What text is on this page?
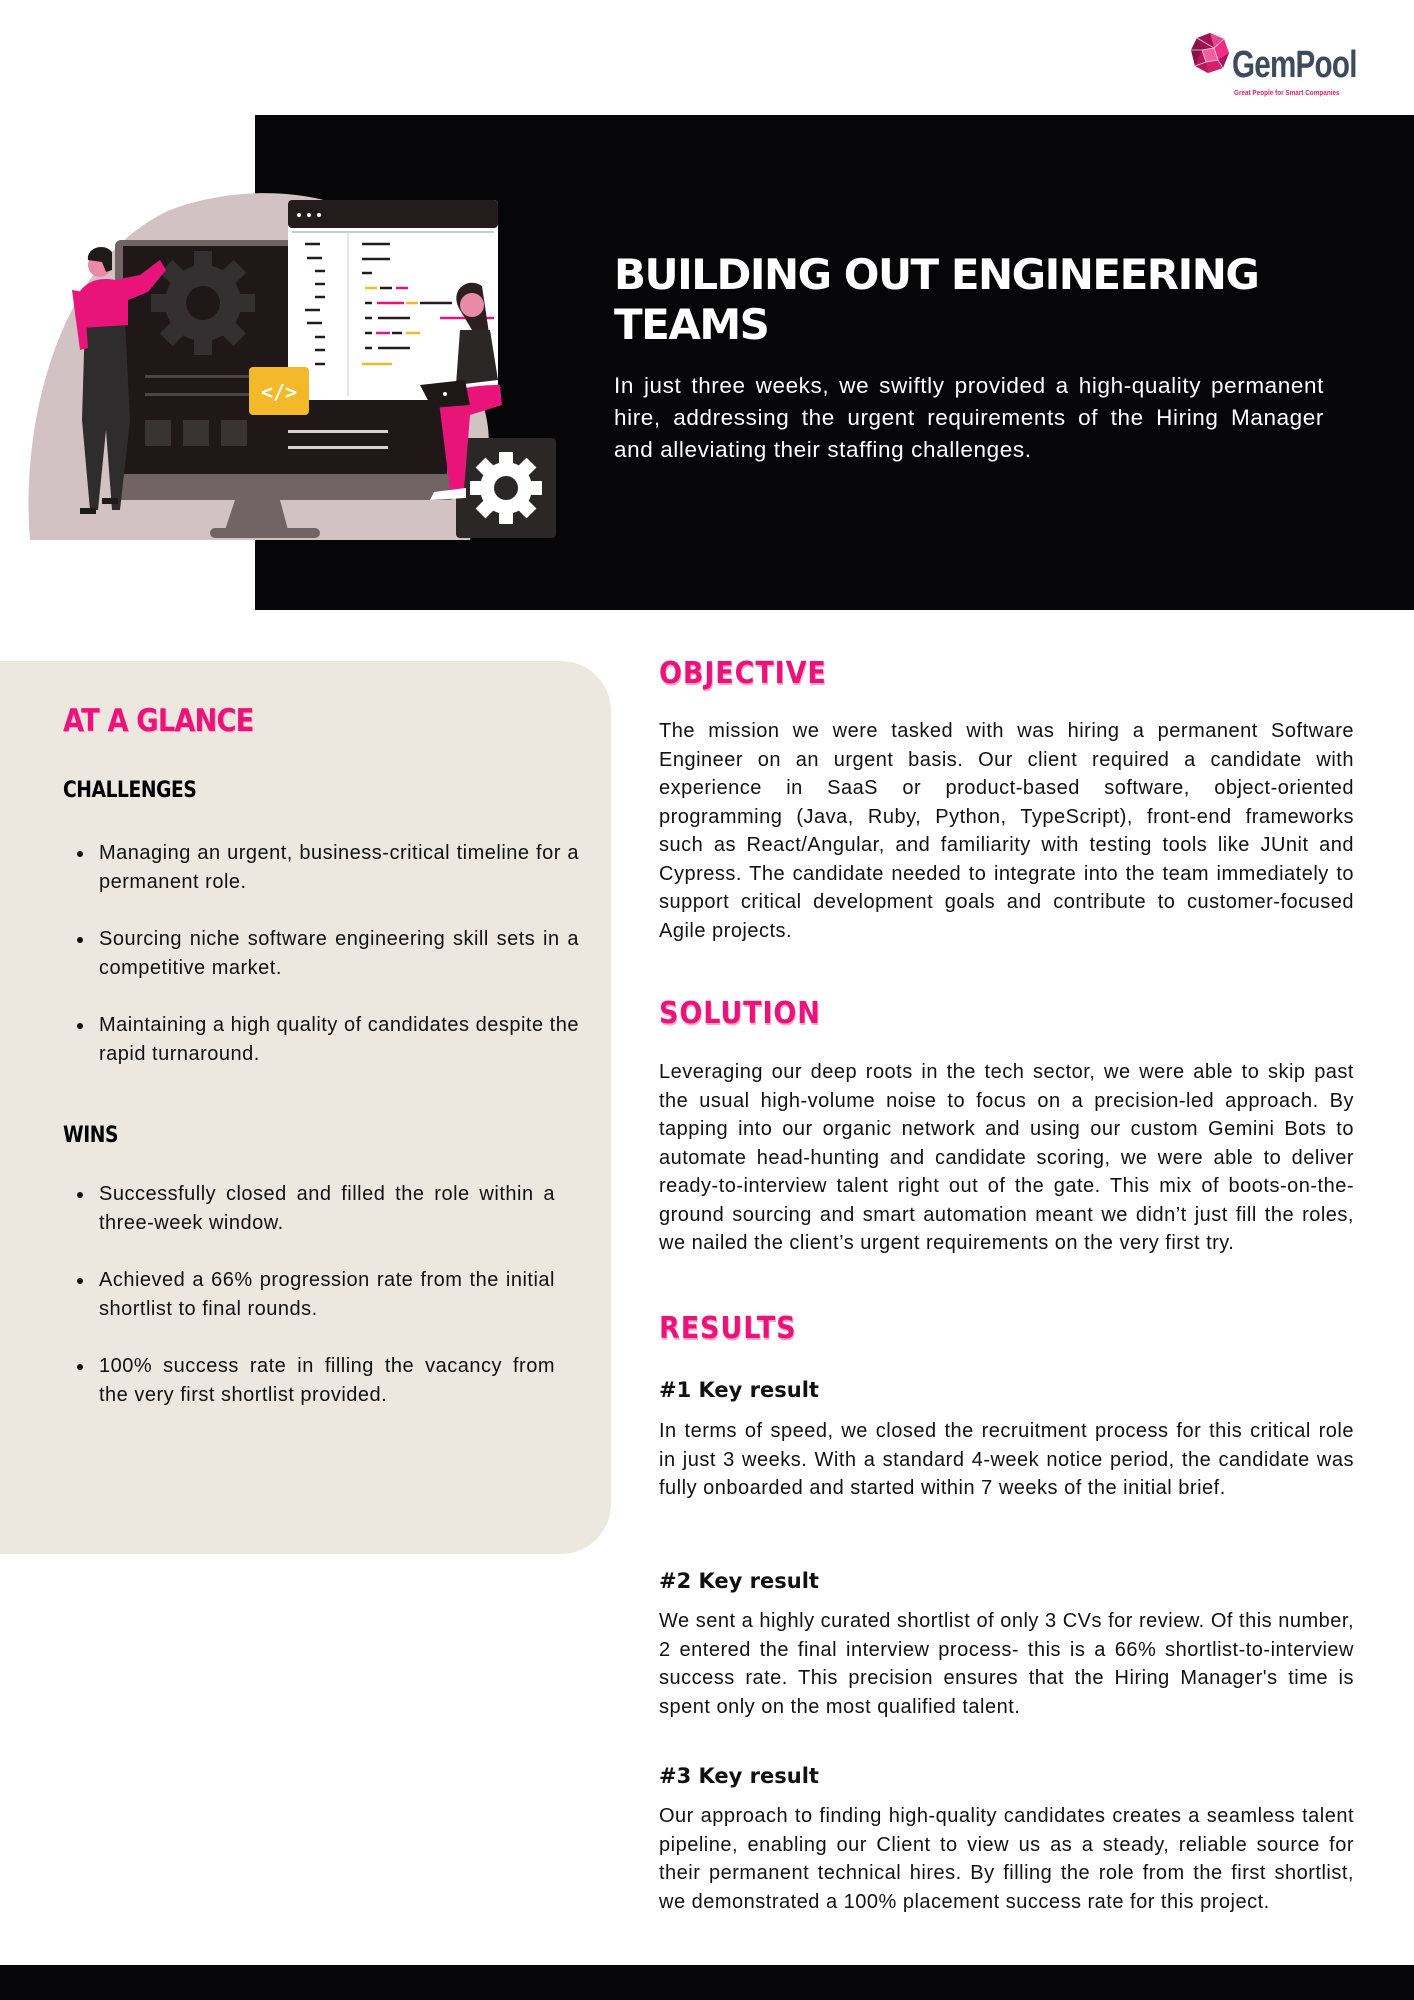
GemPool
Great People for Smart Companies
</>
BUILDING OUT ENGINEERING TEAMS

In just three weeks, we swiftly provided a high-quality permanent hire, addressing the urgent requirements of the Hiring Manager and alleviating their staffing challenges.

AT A GLANCE
CHALLENGES
Managing an urgent, business-critical timeline for a permanent role.
Sourcing niche software engineering skill sets in a competitive market.
Maintaining a high quality of candidates despite the rapid turnaround.
WINS
Successfully closed and filled the role within a three-week window.
Achieved a 66% progression rate from the initial shortlist to final rounds.
100% success rate in filling the vacancy from the very first shortlist provided.
OBJECTIVE

The mission we were tasked with was hiring a permanent Software Engineer on an urgent basis. Our client required a candidate with experience in SaaS or product-based software, object-oriented programming (Java, Ruby, Python, TypeScript), front-end frameworks such as React/Angular, and familiarity with testing tools like JUnit and Cypress. The candidate needed to integrate into the team immediately to support critical development goals and contribute to customer-focused Agile projects.

SOLUTION

Leveraging our deep roots in the tech sector, we were able to skip past the usual high-volume noise to focus on a precision-led approach. By tapping into our organic network and using our custom Gemini Bots to automate head-hunting and candidate scoring, we were able to deliver ready-to-interview talent right out of the gate. This mix of boots-on-the-ground sourcing and smart automation meant we didn’t just fill the roles, we nailed the client’s urgent requirements on the very first try.

RESULTS
#1 Key result

In terms of speed, we closed the recruitment process for this critical role in just 3 weeks. With a standard 4-week notice period, the candidate was fully onboarded and started within 7 weeks of the initial brief.

#2 Key result

We sent a highly curated shortlist of only 3 CVs for review. Of this number, 2 entered the final interview process- this is a 66% shortlist-to-interview success rate. This precision ensures that the Hiring Manager's time is spent only on the most qualified talent.

#3 Key result

Our approach to finding high-quality candidates creates a seamless talent pipeline, enabling our Client to view us as a steady, reliable source for their permanent technical hires. By filling the role from the first shortlist, we demonstrated a 100% placement success rate for this project.
